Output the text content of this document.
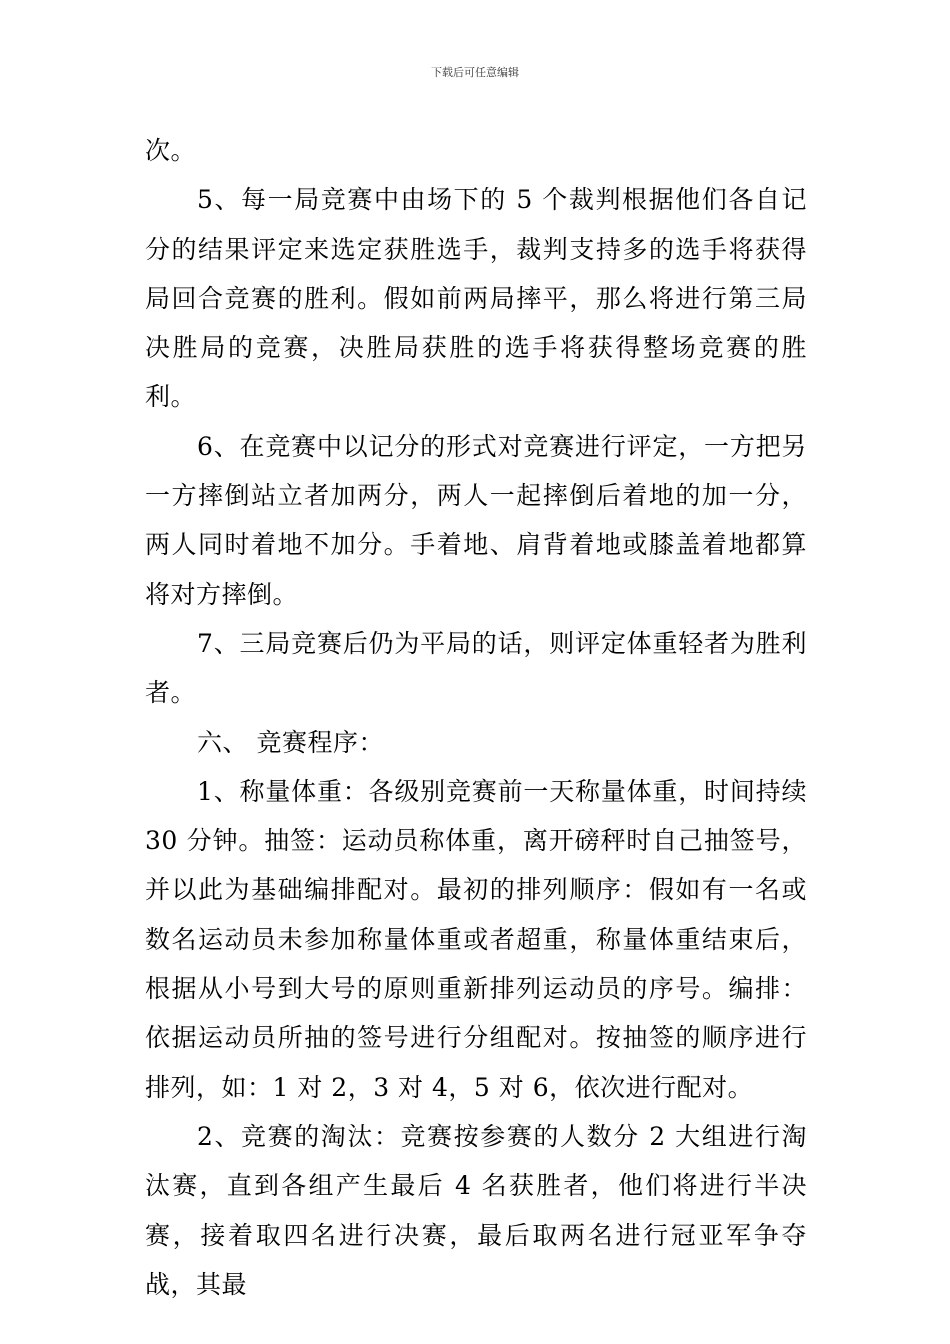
下载后可任意编辑

次。

5、每一局竞赛中由场下的 5 个裁判根据他们各自记分的结果评定来选定获胜选手，裁判支持多的选手将获得局回合竞赛的胜利。假如前两局摔平，那么将进行第三局决胜局的竞赛，决胜局获胜的选手将获得整场竞赛的胜利。

6、在竞赛中以记分的形式对竞赛进行评定，一方把另一方摔倒站立者加两分，两人一起摔倒后着地的加一分，两人同时着地不加分。手着地、肩背着地或膝盖着地都算将对方摔倒。

7、三局竞赛后仍为平局的话，则评定体重轻者为胜利者。

六、 竞赛程序：

1、称量体重：各级别竞赛前一天称量体重，时间持续30 分钟。抽签：运动员称体重，离开磅秤时自己抽签号，并以此为基础编排配对。最初的排列顺序：假如有一名或数名运动员未参加称量体重或者超重，称量体重结束后，根据从小号到大号的原则重新排列运动员的序号。编排：依据运动员所抽的签号进行分组配对。按抽签的顺序进行排列，如：1 对 2，3 对 4，5 对 6，依次进行配对。

2、竞赛的淘汰：竞赛按参赛的人数分 2 大组进行淘汰赛，直到各组产生最后 4 名获胜者，他们将进行半决赛，接着取四名进行决赛，最后取两名进行冠亚军争夺战，其最
